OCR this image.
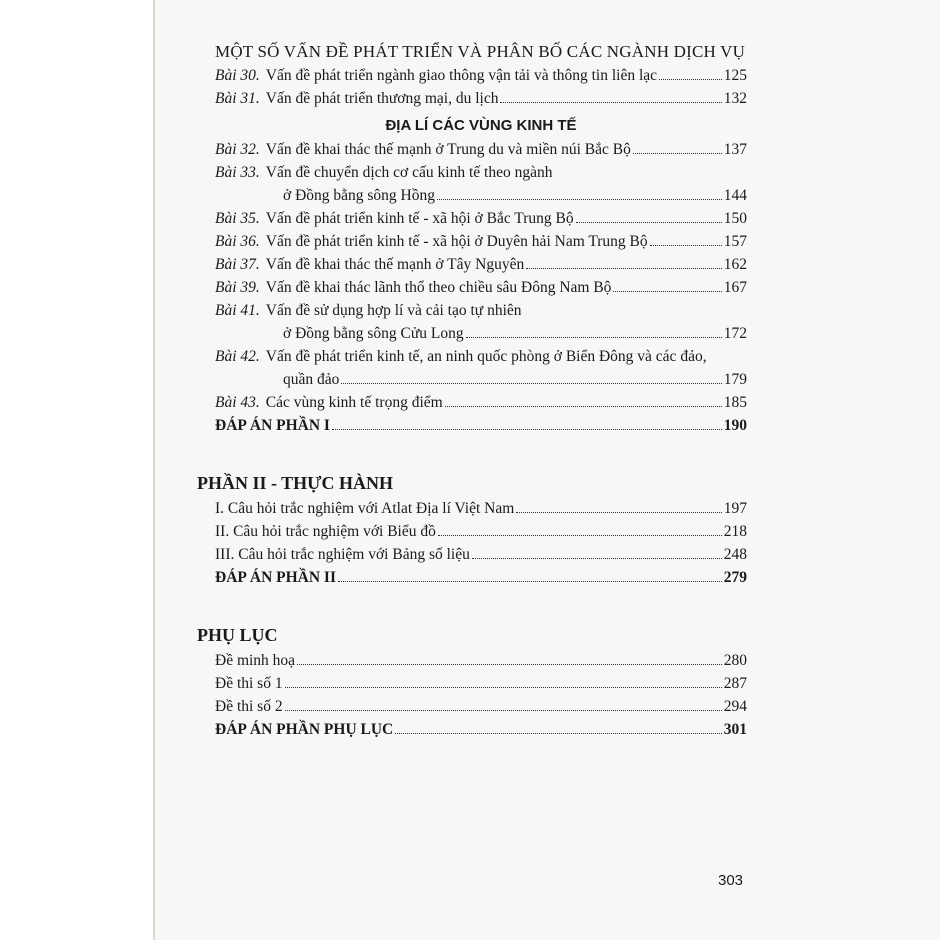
MỘT SỐ VẤN ĐỀ PHÁT TRIỂN VÀ PHÂN BỐ CÁC NGÀNH DỊCH VỤ
Bài 30. Vấn đề phát triển ngành giao thông vận tải và thông tin liên lạc	125
Bài 31. Vấn đề phát triển thương mại, du lịch	132
ĐỊA LÍ CÁC VÙNG KINH TẾ
Bài 32. Vấn đề khai thác thế mạnh ở Trung du và miền núi Bắc Bộ	137
Bài 33. Vấn đề chuyển dịch cơ cấu kinh tế theo ngành
ở Đồng bằng sông Hồng	144
Bài 35. Vấn đề phát triển kinh tế - xã hội ở Bắc Trung Bộ	150
Bài 36. Vấn đề phát triển kinh tế - xã hội ở Duyên hải Nam Trung Bộ	157
Bài 37. Vấn đề khai thác thế mạnh ở Tây Nguyên	162
Bài 39. Vấn đề khai thác lãnh thổ theo chiều sâu Đông Nam Bộ	167
Bài 41. Vấn đề sử dụng hợp lí và cải tạo tự nhiên
ở Đồng bằng sông Cửu Long	172
Bài 42. Vấn đề phát triển kinh tế, an ninh quốc phòng ở Biển Đông và các đảo,
quần đảo	179
Bài 43. Các vùng kinh tế trọng điểm	185
ĐÁP ÁN PHẦN I	190
PHẦN II - THỰC HÀNH
I. Câu hỏi trắc nghiệm với Atlat Địa lí Việt Nam	197
II. Câu hỏi trắc nghiệm với Biểu đồ	218
III. Câu hỏi trắc nghiệm với Bảng số liệu	248
ĐÁP ÁN PHẦN II	279
PHỤ LỤC
Đề minh hoạ	280
Đề thi số 1	287
Đề thi số 2	294
ĐÁP ÁN PHẦN PHỤ LỤC	301
303
